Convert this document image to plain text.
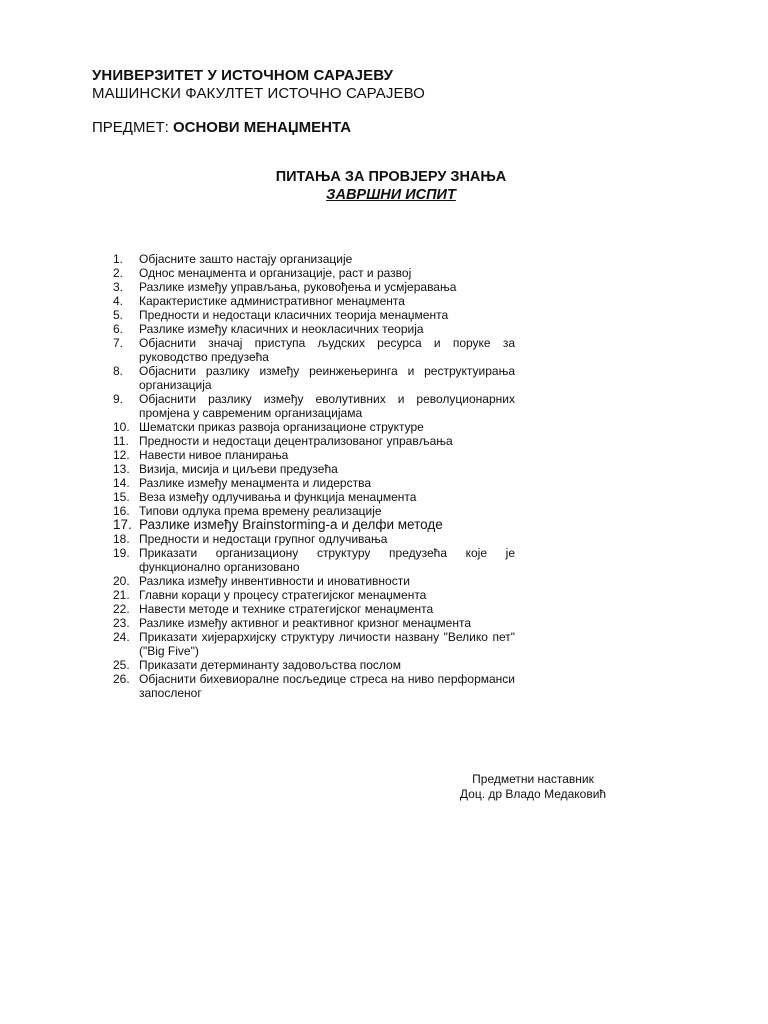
УНИВЕРЗИТЕТ У ИСТОЧНОМ САРАЈЕВУ
МАШИНСКИ ФАКУЛТЕТ ИСТОЧНО САРАЈЕВО
ПРЕДМЕТ: ОСНОВИ МЕНАЏМЕНТА
ПИТАЊА ЗА ПРОВЈЕРУ ЗНАЊА
ЗАВРШНИ ИСПИТ
1.	Објасните зашто настају организације
2.	Однос менаџмента и организације, раст и развој
3.	Разлике између управљања, руковођења и усмјеравања
4.	Карактеристике административног менаџмента
5.	Предности и недостаци класичних теорија менаџмента
6.	Разлике између класичних и неокласичних теорија
7.	Објаснити значај приступа људских ресурса и поруке за руководство предузећа
8.	Објаснити разлику између реинжењеринга и реструктуирања организација
9.	Објаснити разлику између еволутивних и револуционарних промјена у савременим организацијама
10. Шематски приказ развоја организационе структуре
11. Предности и недостаци децентрализованог управљања
12. Навести нивое планирања
13. Визија, мисија и циљеви предузећа
14. Разлике између менаџмента и лидерства
15. Веза између одлучивања и функција менаџмента
16. Типови одлука према времену реализације
17. Разлике између Brainstorming-а и делфи методе
18. Предности и недостаци групног одлучивања
19. Приказати организациону структуру предузећа које је функционално организовано
20. Разлика између инвентивности и иновативности
21. Главни кораци у процесу стратегијског менаџмента
22. Навести методе и технике стратегијског менаџмента
23. Разлике између активног и реактивног кризног менаџмента
24. Приказати хијерархијску структуру личиости названу "Велико пет" ("Big Five")
25. Приказати детерминанту задовољства послом
26. Објаснити бихевиоралне посљедице стреса на ниво перформанси запосленог
Предметни наставник
Доц. др Владо Медаковић
